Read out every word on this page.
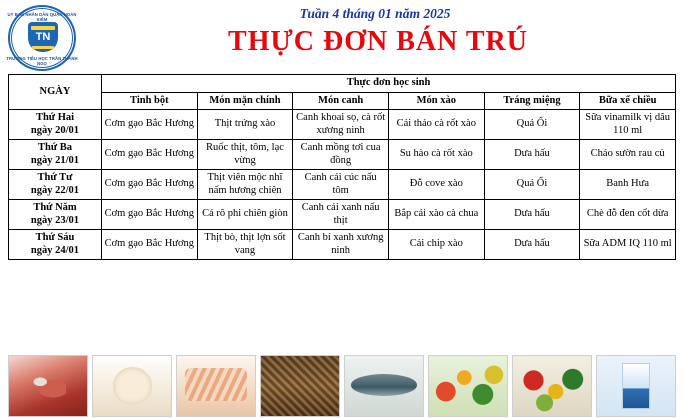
UỶ BAN NHÂN DÂN QUẬN HOÀN KIẾM
TN
TRƯỜNG TIỂU HỌC TRẦN THÀNH NGỌ
Tuần 4 tháng 01 năm 2025
THỰC ĐƠN BÁN TRÚ
NGÀY	Thực đơn học sinh					
	Tinh bột	Món mặn chính	Món canh	Món xào	Tráng miệng	Bữa xế chiều

Thứ Hai
ngày 20/01	Cơm gạo Bắc Hương	Thịt trứng xào	Canh khoai sọ, cà rốt xương ninh	Cải thảo cà rốt xào	Quả Ổi	Sữa vinamilk vị dâu 110 ml

Thứ Ba
ngày 21/01	Cơm gạo Bắc Hương	Ruốc thịt, tôm, lạc vừng	Canh mồng tơi cua đồng	Su hào cà rốt xào	Dưa hấu	Cháo sườn rau củ

Thứ Tư
ngày 22/01	Cơm gạo Bắc Hương	Thịt viên mộc nhĩ nấm hương chiên	Canh cải cúc nấu tôm	Đỗ cove xào	Quả Ổi	Banh Hưa

Thứ Năm
ngày 23/01	Cơm gạo Bắc Hương	Cá rô phi chiên giòn	Canh cải xanh nấu thịt	Bắp cải xào cà chua	Dưa hấu	Chè đỗ đen cốt dừa

Thứ Sáu
ngày 24/01	Cơm gạo Bắc Hương	Thịt bò, thịt lợn sốt vang	Canh bí xanh xương ninh	Cải chip xào	Dưa hấu	Sữa ADM IQ 110 ml
